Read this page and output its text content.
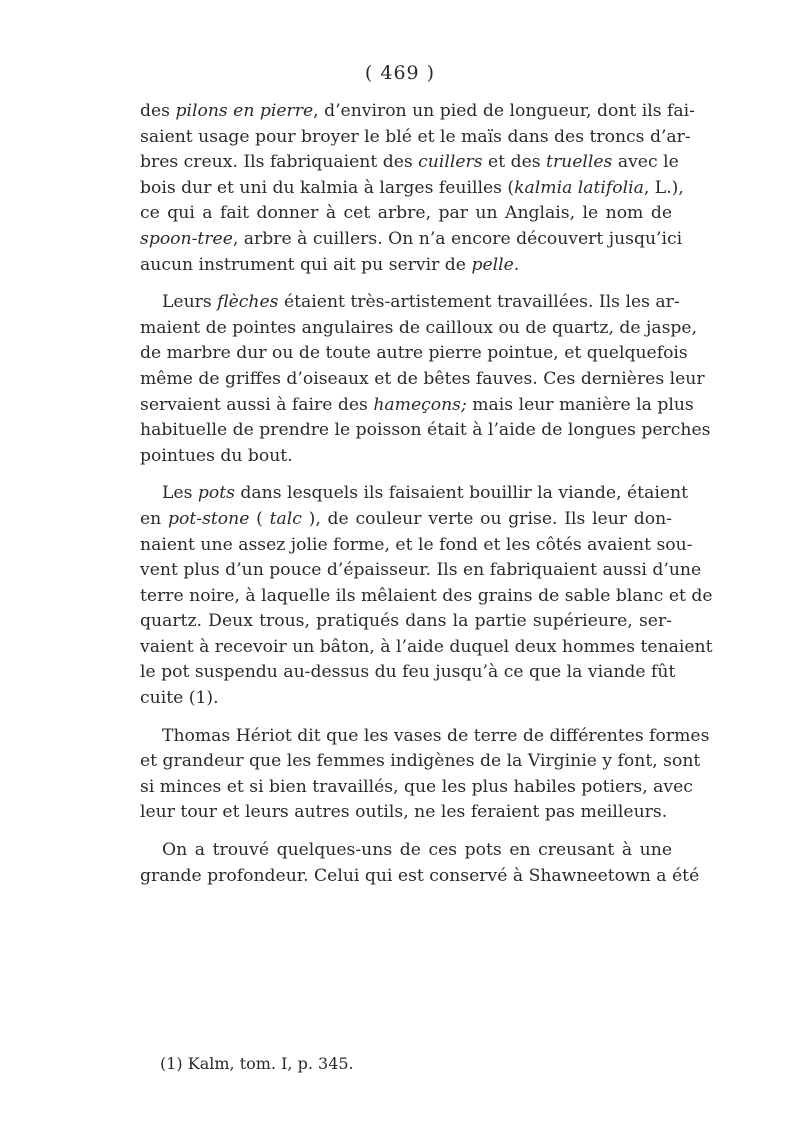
( 469 )
des pilons en pierre, d’environ un pied de longueur, dont ils fai-
saient usage pour broyer le blé et le maïs dans des troncs d’ar-
bres creux. Ils fabriquaient des cuillers et des truelles avec le
bois dur et uni du kalmia à larges feuilles (kalmia latifolia, L.),
ce qui a fait donner à cet arbre, par un Anglais, le nom de
spoon-tree, arbre à cuillers. On n’a encore découvert jusqu’ici
aucun instrument qui ait pu servir de pelle.
Leurs flèches étaient très-artistement travaillées. Ils les ar-
maient de pointes angulaires de cailloux ou de quartz, de jaspe,
de marbre dur ou de toute autre pierre pointue, et quelquefois
même de griffes d’oiseaux et de bêtes fauves. Ces dernières leur
servaient aussi à faire des hameçons; mais leur manière la plus
habituelle de prendre le poisson était à l’aide de longues perches
pointues du bout.
Les pots dans lesquels ils faisaient bouillir la viande, étaient
en pot-stone ( talc ), de couleur verte ou grise. Ils leur don-
naient une assez jolie forme, et le fond et les côtés avaient sou-
vent plus d’un pouce d’épaisseur. Ils en fabriquaient aussi d’une
terre noire, à laquelle ils mêlaient des grains de sable blanc et de
quartz. Deux trous, pratiqués dans la partie supérieure, ser-
vaient à recevoir un bâton, à l’aide duquel deux hommes tenaient
le pot suspendu au-dessus du feu jusqu’à ce que la viande fût
cuite (1).
Thomas Hériot dit que les vases de terre de différentes formes
et grandeur que les femmes indigènes de la Virginie y font, sont
si minces et si bien travaillés, que les plus habiles potiers, avec
leur tour et leurs autres outils, ne les feraient pas meilleurs.
On a trouvé quelques-uns de ces pots en creusant à une
grande profondeur. Celui qui est conservé à Shawneetown a été
(1) Kalm, tom. I, p. 345.
